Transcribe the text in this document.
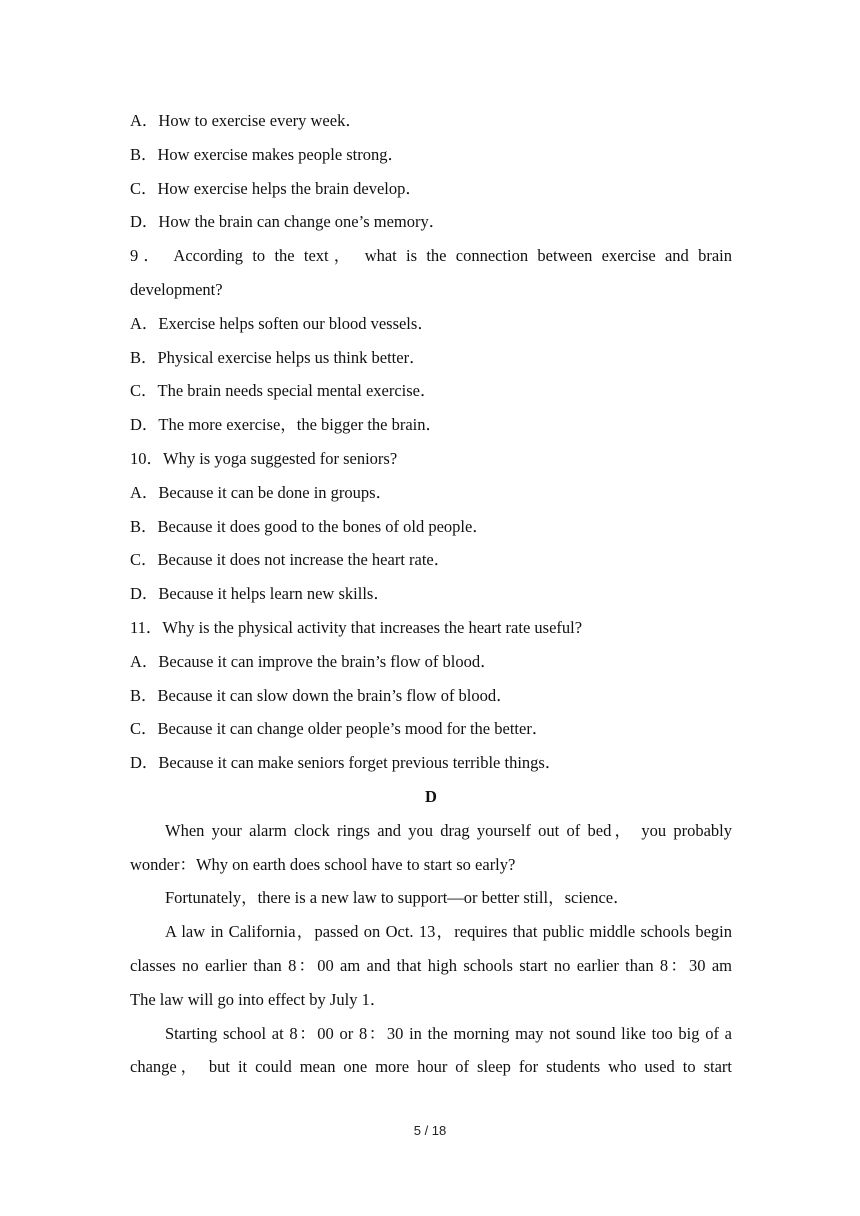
A．How to exercise every week．
B．How exercise makes people strong．
C．How exercise helps the brain develop．
D．How the brain can change one’s memory．
9． According to the text， what is the connection between exercise and brain
development?
A．Exercise helps soften our blood vessels．
B．Physical exercise helps us think better．
C．The brain needs special mental exercise．
D．The more exercise，the bigger the brain．
10．Why is yoga suggested for seniors?
A．Because it can be done in groups．
B．Because it does good to the bones of old people．
C．Because it does not increase the heart rate．
D．Because it helps learn new skills．
11．Why is the physical activity that increases the heart rate useful?
A．Because it can improve the brain’s flow of blood．
B．Because it can slow down the brain’s flow of blood．
C．Because it can change older people’s mood for the better．
D．Because it can make seniors forget previous terrible things．
D
When your alarm clock rings and you drag yourself out of bed， you probably
wonder：Why on earth does school have to start so early?
Fortunately，there is a new law to support—or better still，science．
A law in California，passed on Oct. 13，requires that public middle schools begin
classes no earlier than 8：00 am and that high schools start no earlier than 8：30 am
The law will go into effect by July 1．
Starting school at 8：00 or 8：30 in the morning may not sound like too big of a
change， but it could mean one more hour of sleep for students who used to start
5 / 18
